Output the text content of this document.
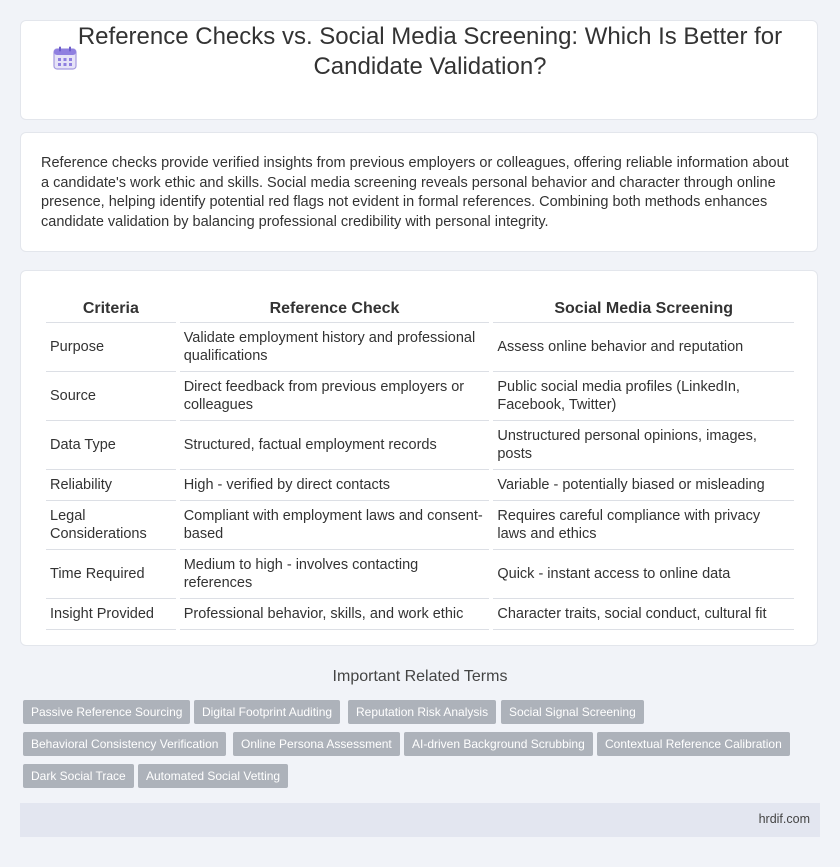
Reference Checks vs. Social Media Screening: Which Is Better for Candidate Validation?
Reference checks provide verified insights from previous employers or colleagues, offering reliable information about a candidate's work ethic and skills. Social media screening reveals personal behavior and character through online presence, helping identify potential red flags not evident in formal references. Combining both methods enhances candidate validation by balancing professional credibility with personal integrity.
Criteria	Reference Check	Social Media Screening
Purpose	Validate employment history and professional qualifications	Assess online behavior and reputation
Source	Direct feedback from previous employers or colleagues	Public social media profiles (LinkedIn, Facebook, Twitter)
Data Type	Structured, factual employment records	Unstructured personal opinions, images, posts
Reliability	High - verified by direct contacts	Variable - potentially biased or misleading
Legal Considerations	Compliant with employment laws and consent-based	Requires careful compliance with privacy laws and ethics
Time Required	Medium to high - involves contacting references	Quick - instant access to online data
Insight Provided	Professional behavior, skills, and work ethic	Character traits, social conduct, cultural fit
Important Related Terms
Passive Reference Sourcing	Digital Footprint Auditing	Reputation Risk Analysis	Social Signal Screening
Behavioral Consistency Verification	Online Persona Assessment	AI-driven Background Scrubbing	Contextual Reference Calibration
Dark Social Trace	Automated Social Vetting
hrdif.com
